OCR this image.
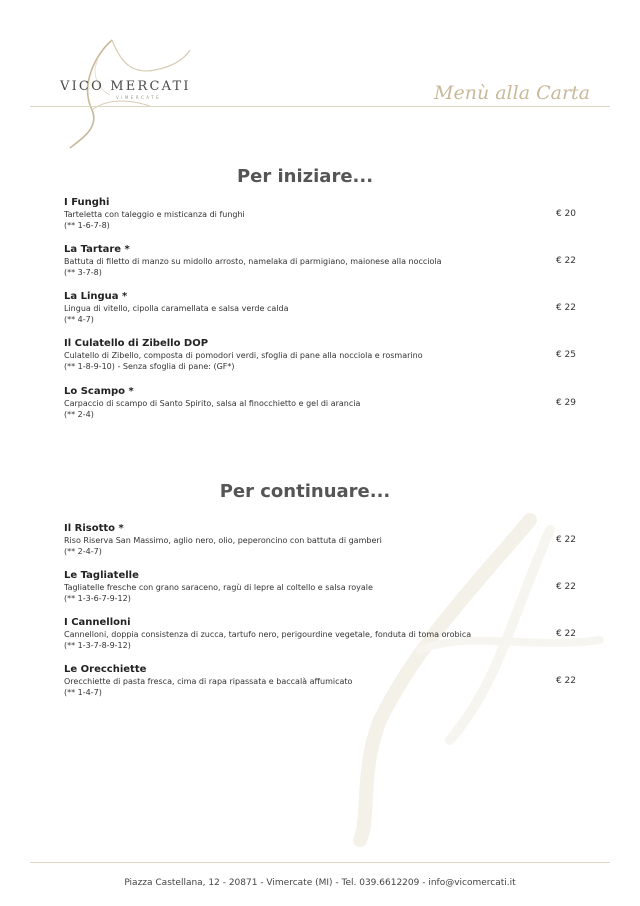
VICO MERCATI
VIMERCATE	Menù alla Carta
Per iniziare...
I Funghi
Tarteletta con taleggio e misticanza di funghi
(** 1-6-7-8)
€ 20
La Tartare *
Battuta di filetto di manzo su midollo arrosto, namelaka di parmigiano, maionese alla nocciola
(** 3-7-8)
€ 22
La Lingua *
Lingua di vitello, cipolla caramellata e salsa verde calda
(** 4-7)
€ 22
Il Culatello di Zibello DOP
Culatello di Zibello, composta di pomodori verdi, sfoglia di pane alla nocciola e rosmarino
(** 1-8-9-10) - Senza sfoglia di pane: (GF*)
€ 25
Lo Scampo *
Carpaccio di scampo di Santo Spirito, salsa al finocchietto e gel di arancia
(** 2-4)
€ 29
Per continuare...
Il Risotto *
Riso Riserva San Massimo, aglio nero, olio, peperoncino con battuta di gamberi
(** 2-4-7)
€ 22
Le Tagliatelle
Tagliatelle fresche con grano saraceno, ragù di lepre al coltello e salsa royale
(** 1-3-6-7-9-12)
€ 22
I Cannelloni
Cannelloni, doppia consistenza di zucca, tartufo nero, perigourdine vegetale, fonduta di toma orobica
(** 1-3-7-8-9-12)
€ 22
Le Orecchiette
Orecchiette di pasta fresca, cima di rapa ripassata e baccalà affumicato
(** 1-4-7)
€ 22
Piazza Castellana, 12 - 20871 - Vimercate (MI) - Tel. 039.6612209 - info@vicomercati.it
